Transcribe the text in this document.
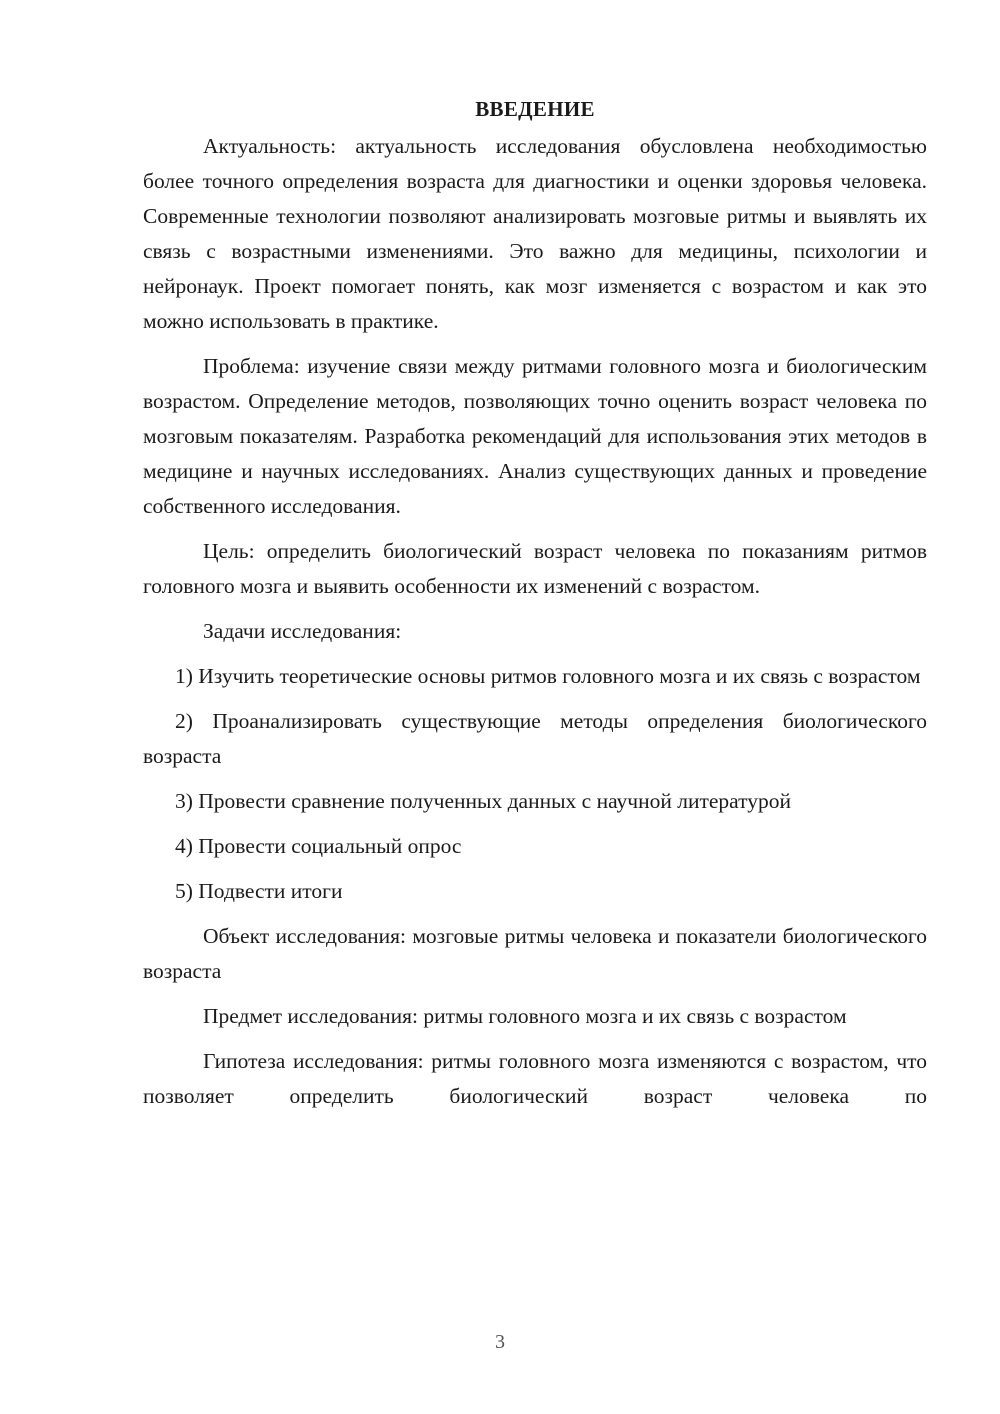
ВВЕДЕНИЕ

Актуальность: актуальность исследования обусловлена необходимостью более точного определения возраста для диагностики и оценки здоровья человека. Современные технологии позволяют анализировать мозговые ритмы и выявлять их связь с возрастными изменениями. Это важно для медицины, психологии и нейронаук. Проект помогает понять, как мозг изменяется с возрастом и как это можно использовать в практике.

Проблема: изучение связи между ритмами головного мозга и биологическим возрастом. Определение методов, позволяющих точно оценить возраст человека по мозговым показателям. Разработка рекомендаций для использования этих методов в медицине и научных исследованиях. Анализ существующих данных и проведение собственного исследования.

Цель: определить биологический возраст человека по показаниям ритмов головного мозга и выявить особенности их изменений с возрастом.

Задачи исследования:

1) Изучить теоретические основы ритмов головного мозга и их связь с возрастом

2) Проанализировать существующие методы определения биологического возраста

3) Провести сравнение полученных данных с научной литературой

4) Провести социальный опрос

5) Подвести итоги

Объект исследования: мозговые ритмы человека и показатели биологического возраста

Предмет исследования: ритмы головного мозга и их связь с возрастом

Гипотеза исследования: ритмы головного мозга изменяются с возрастом, что позволяет определить биологический возраст человека по

3
